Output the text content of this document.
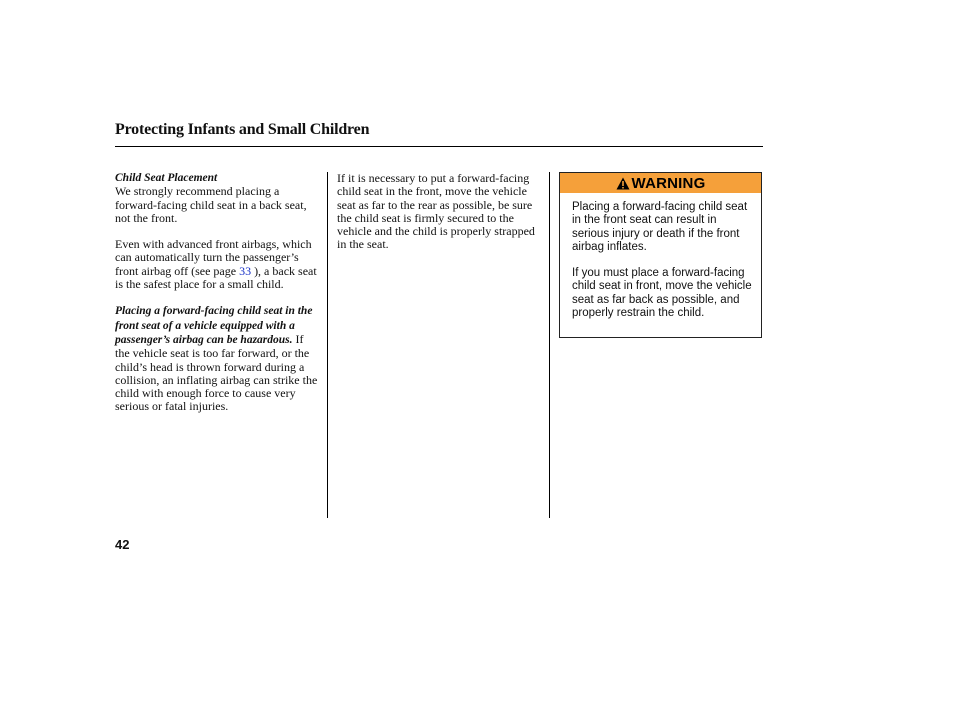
Protecting Infants and Small Children

Child Seat Placement

We strongly recommend placing a forward-facing child seat in a back seat, not the front.

Even with advanced front airbags, which can automatically turn the passenger’s front airbag off (see page 33 ), a back seat is the safest place for a small child.

Placing a forward-facing child seat in the front seat of a vehicle equipped with a passenger’s airbag can be hazardous. If the vehicle seat is too far forward, or the child’s head is thrown forward during a collision, an inflating airbag can strike the child with enough force to cause very serious or fatal injuries.

If it is necessary to put a forward-facing child seat in the front, move the vehicle seat as far to the rear as possible, be sure the child seat is firmly secured to the vehicle and the child is properly strapped in the seat.

WARNING

Placing a forward-facing child seat in the front seat can result in serious injury or death if the front airbag inflates.

If you must place a forward-facing child seat in front, move the vehicle seat as far back as possible, and properly restrain the child.

42
